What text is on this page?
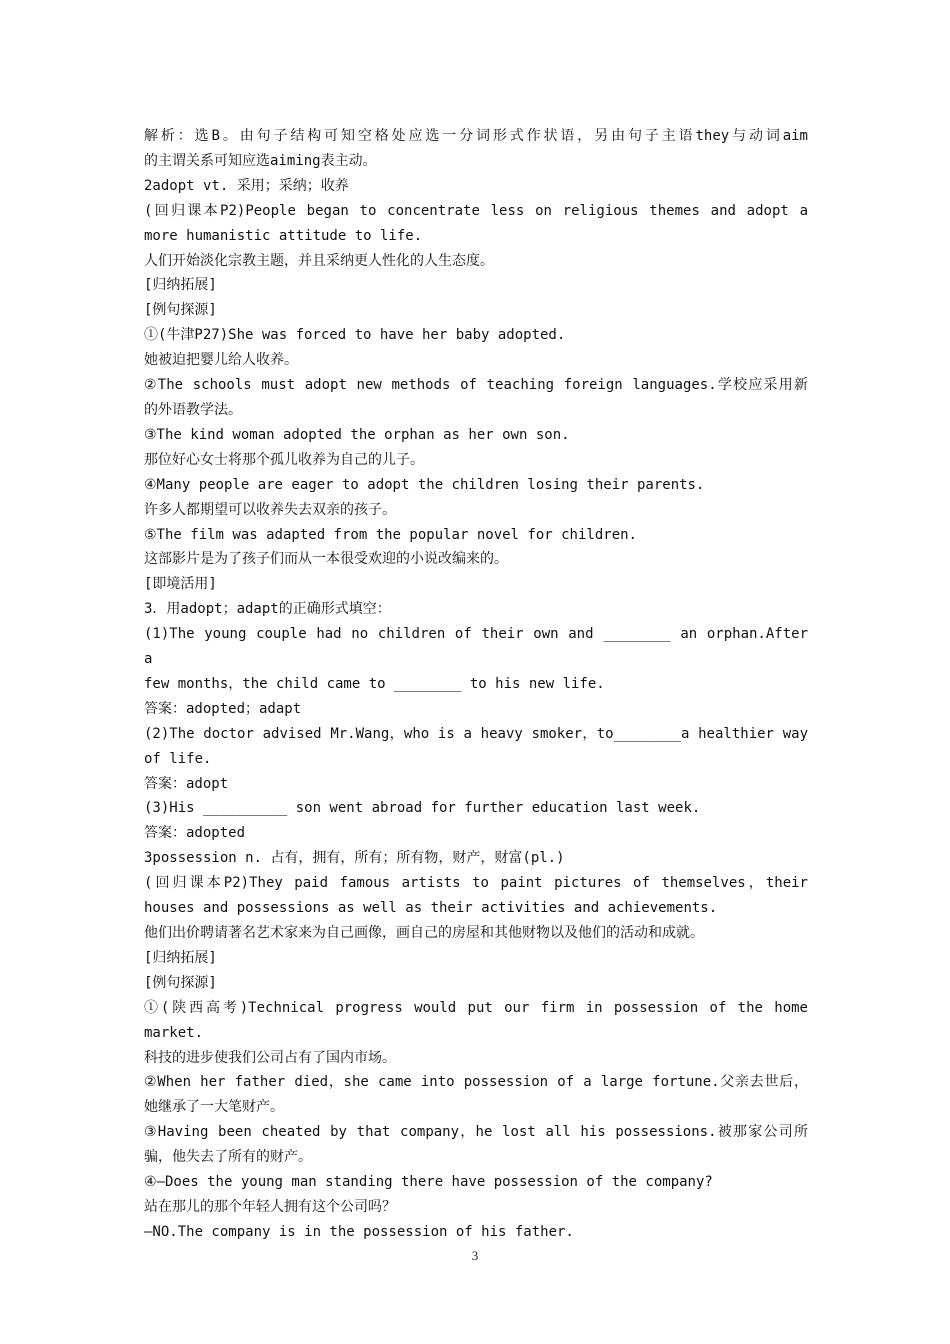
解析：选B。由句子结构可知空格处应选一分词形式作状语，另由句子主语they与动词aim
的主谓关系可知应选aiming表主动。
2adopt vt. 采用；采纳；收养
(回归课本P2)People began to concentrate less on religious themes and adopt a
more humanistic attitude to life.
人们开始淡化宗教主题，并且采纳更人性化的人生态度。
[归纳拓展]
[例句探源]
①(牛津P27)She was forced to have her baby adopted.
她被迫把婴儿给人收养。
②The schools must adopt new methods of teaching foreign languages.学校应采用新
的外语教学法。
③The kind woman adopted the orphan as her own son.
那位好心女士将那个孤儿收养为自己的儿子。
④Many people are eager to adopt the children losing their parents.
许多人都期望可以收养失去双亲的孩子。
⑤The film was adapted from the popular novel for children.
这部影片是为了孩子们而从一本很受欢迎的小说改编来的。
[即境活用]
3．用adopt；adapt的正确形式填空：
(1)The young couple had no children of their own and ________ an orphan.After a
few months，the child came to ________ to his new life.
答案：adopted；adapt
(2)The doctor advised Mr.Wang，who is a heavy smoker，to________a healthier way
of life.
答案：adopt
(3)His __________ son went abroad for further education last week.
答案：adopted
3possession n. 占有，拥有，所有；所有物，财产，财富(pl.)
(回归课本P2)They paid famous artists to paint pictures of themselves，their
houses and possessions as well as their activities and achievements.
他们出价聘请著名艺术家来为自己画像，画自己的房屋和其他财物以及他们的活动和成就。
[归纳拓展]
[例句探源]
①(陕西高考)Technical progress would put our firm in possession of the home
market.
科技的进步使我们公司占有了国内市场。
②When her father died，she came into possession of a large fortune.父亲去世后，
她继承了一大笔财产。
③Having been cheated by that company，he lost all his possessions.被那家公司所
骗，他失去了所有的财产。
④—Does the young man standing there have possession of the company?
站在那儿的那个年轻人拥有这个公司吗？
—NO.The company is in the possession of his father.
3
